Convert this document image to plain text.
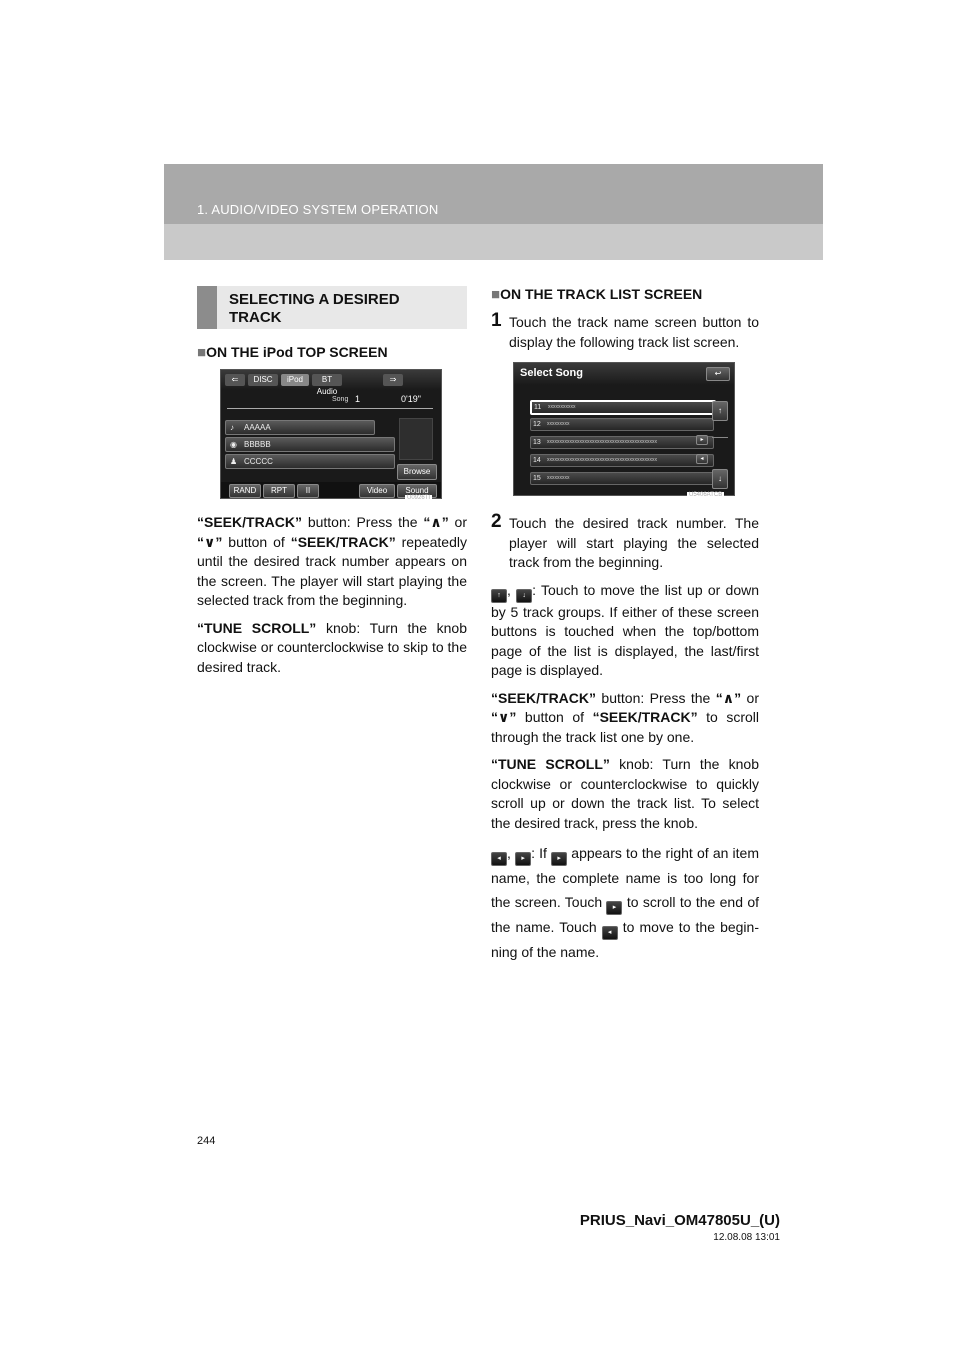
1. AUDIO/VIDEO SYSTEM OPERATION
SELECTING A DESIRED
TRACK
■ON THE iPod TOP SCREEN
⇐	DISC	iPod	BT Audio
⇒
Song 1	0'19"
♪ AAAAA
◉ BBBBB
♟ CCCCC
Browse
RAND	RPT	II	Video	Sound
U0926TI

“SEEK/TRACK” button: Press the “∧” or “∨” button of “SEEK/TRACK” repeatedly until the desired track number appears on the screen. The player will start playing the selected track from the beginning.

“TUNE SCROLL” knob: Turn the knob clockwise or counterclockwise to skip to the desired track.

■ON THE TRACK LIST SCREEN
1 Touch the track name screen button to display the following track list screen.
Select Song	↩
11 xxxxxxxxxxx
12 xxxxxxxxx
13 xxxxxxxxxxxxxxxxxxxxxxxxxxxxxxxxxxxxxxxxxxxx
14 xxxxxxxxxxxxxxxxxxxxxxxxxxxxxxxxxxxxxxxxxxxx
15 xxxxxxxxx
▸
◂
↑
↓
U5406ATCB
2 Touch the desired track number. The player will start playing the selected track from the beginning.

↑ , ↓ : Touch to move the list up or down by 5 track groups. If either of these screen buttons is touched when the top/bottom page of the list is displayed, the last/first page is displayed.

“SEEK/TRACK” button: Press the “∧” or “∨” button of “SEEK/TRACK” to scroll through the track list one by one.

“TUNE SCROLL” knob: Turn the knob clockwise or counterclockwise to quickly scroll up or down the track list. To select the desired track, press the knob.

◂ , ▸ : If ▸ appears to the right of an item name, the complete name is too long for the screen. Touch ▸ to scroll to the end of the name. Touch ◂ to move to the begin-ning of the name.

244
PRIUS_Navi_OM47805U_(U)
12.08.08 13:01
